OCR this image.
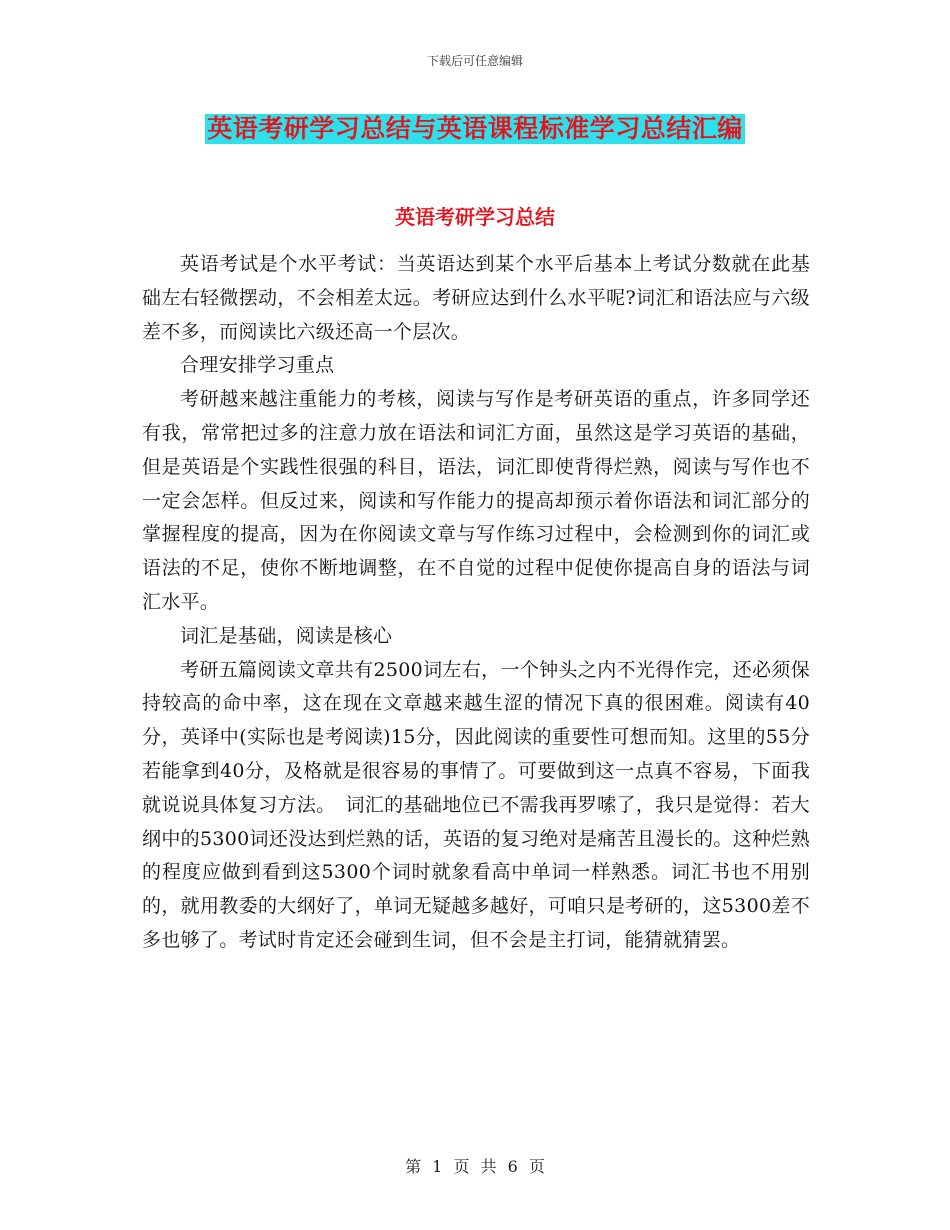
下载后可任意编辑
英语考研学习总结与英语课程标准学习总结汇编
英语考研学习总结

英语考试是个水平考试：当英语达到某个水平后基本上考试分数就在此基础左右轻微摆动，不会相差太远。考研应达到什么水平呢?词汇和语法应与六级差不多，而阅读比六级还高一个层次。

合理安排学习重点

考研越来越注重能力的考核，阅读与写作是考研英语的重点，许多同学还有我，常常把过多的注意力放在语法和词汇方面，虽然这是学习英语的基础，但是英语是个实践性很强的科目，语法，词汇即使背得烂熟，阅读与写作也不一定会怎样。但反过来，阅读和写作能力的提高却预示着你语法和词汇部分的掌握程度的提高，因为在你阅读文章与写作练习过程中，会检测到你的词汇或语法的不足，使你不断地调整，在不自觉的过程中促使你提高自身的语法与词汇水平。

词汇是基础，阅读是核心

考研五篇阅读文章共有2500词左右，一个钟头之内不光得作完，还必须保持较高的命中率，这在现在文章越来越生涩的情况下真的很困难。阅读有40分，英译中(实际也是考阅读)15分，因此阅读的重要性可想而知。这里的55分若能拿到40分，及格就是很容易的事情了。可要做到这一点真不容易，下面我就说说具体复习方法。　词汇的基础地位已不需我再罗嗦了，我只是觉得：若大纲中的5300词还没达到烂熟的话，英语的复习绝对是痛苦且漫长的。这种烂熟的程度应做到看到这5300个词时就象看高中单词一样熟悉。词汇书也不用别的，就用教委的大纲好了，单词无疑越多越好，可咱只是考研的，这5300差不多也够了。考试时肯定还会碰到生词，但不会是主打词，能猜就猜罢。

第 1 页 共 6 页
